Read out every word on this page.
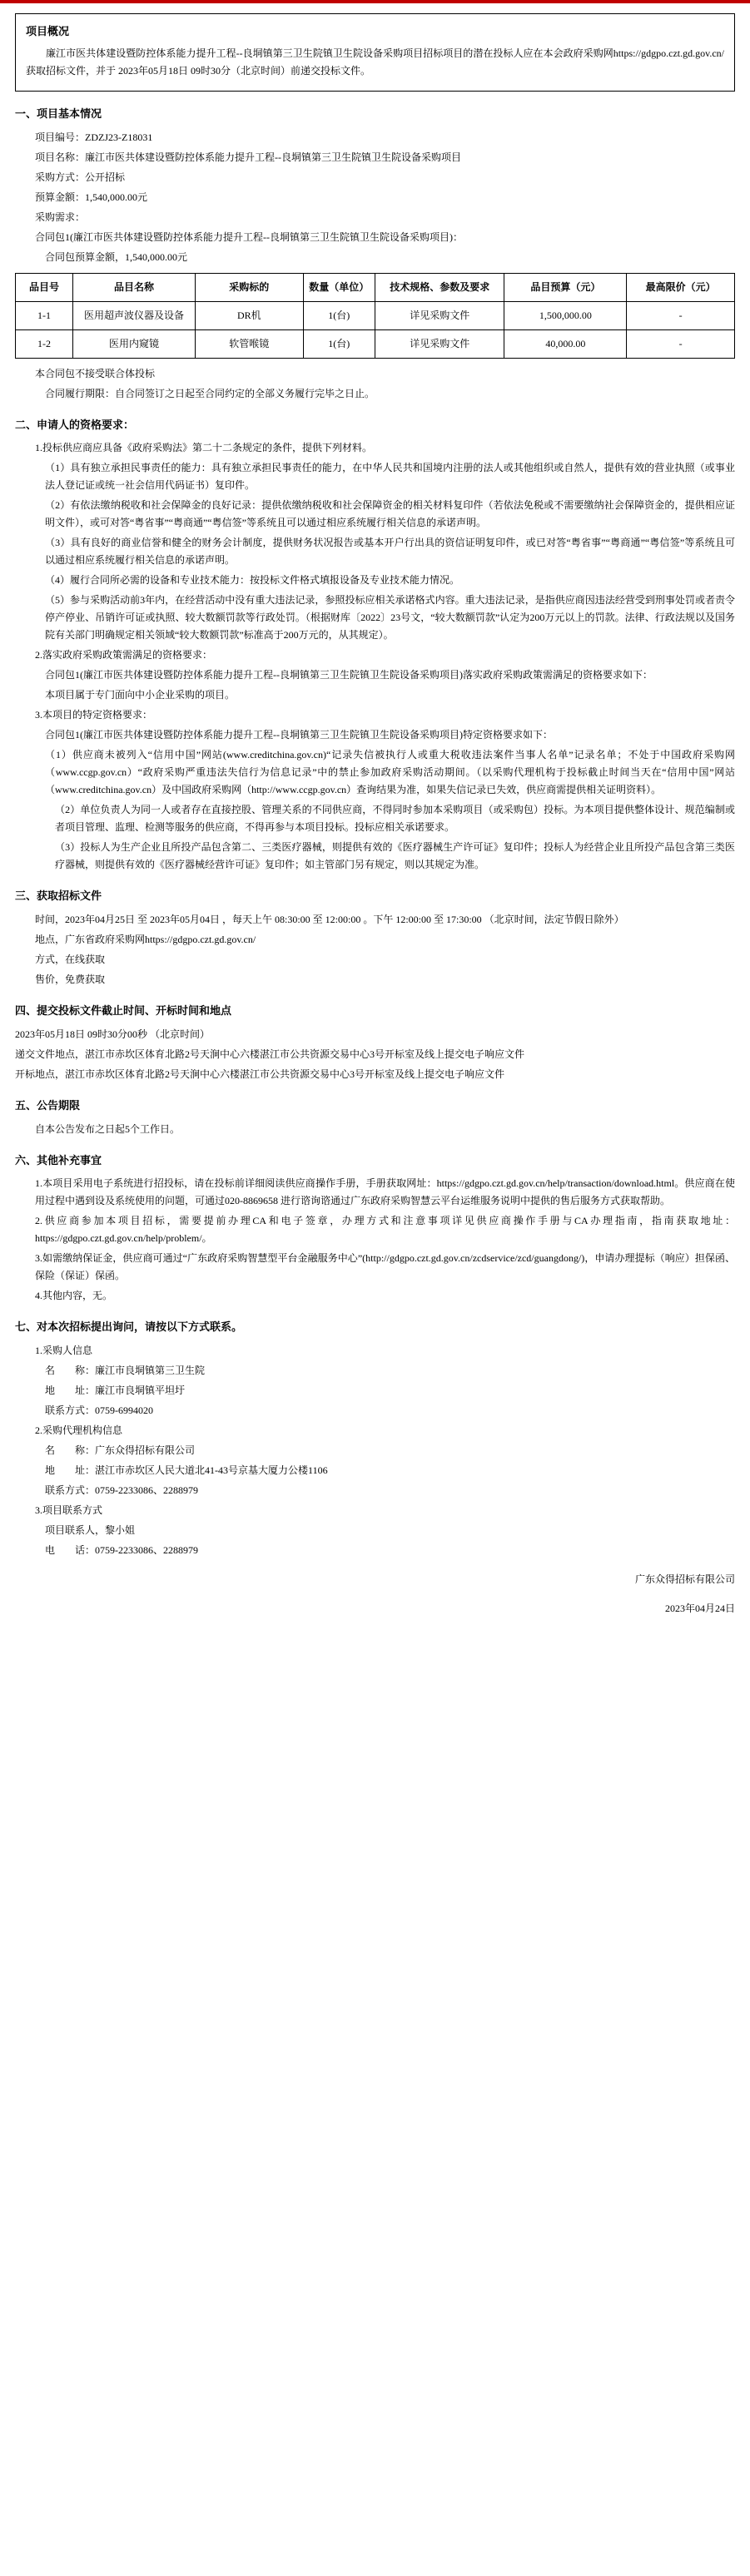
项目概况
廉江市医共体建设暨防控体系能力提升工程--良垌镇第三卫生院镇卫生院设备采购项目招标项目的潜在投标人应在本会政府采购网https://gdgpo.czt.gd.gov.cn/获取招标文件，并于 2023年05月18日 09时30分（北京时间）前递交投标文件。
一、项目基本情况
项目编号：ZDZJ23-Z18031
项目名称：廉江市医共体建设暨防控体系能力提升工程--良垌镇第三卫生院镇卫生院设备采购项目
采购方式：公开招标
预算金额：1,540,000.00元
采购需求：
合同包1(廉江市医共体建设暨防控体系能力提升工程--良垌镇第三卫生院镇卫生院设备采购项目)：
合同包预算金额，1,540,000.00元
品目号	品目名称	采购标的	数量（单位）	技术规格、参数及要求	品目预算（元）	最高限价（元）
1-1	医用超声波仪器及设备	DR机	1(台)	详见采购文件	1,500,000.00	-
1-2	医用内窥镜	软管喉镜	1(台)	详见采购文件	40,000.00	-
本合同包不接受联合体投标
合同履行期限：自合同签订之日起至合同约定的全部义务履行完毕之日止。
二、申请人的资格要求：
1.投标供应商应具备《政府采购法》第二十二条规定的条件，提供下列材料。
（1）具有独立承担民事责任的能力：具有独立承担民事责任的能力，在中华人民共和国境内注册的法人或其他组织或自然人，提供有效的营业执照（或事业法人登记证或统一社会信用代码证书）复印件。
（2）有依法缴纳税收和社会保障金的良好记录：提供依缴纳税收和社会保障资金的相关材料复印件（若依法免税或不需要缴纳社会保障资金的，提供相应证明文件），或可对答“粤省事”“粤商通”“粤信签”等系统且可以通过相应系统履行相关信息的承诺声明。
（3）具有良好的商业信誉和健全的财务会计制度，提供财务状况报告或基本开户行出具的资信证明复印件，或已对答“粤省事”“粤商通”“粤信签”等系统且可以通过相应系统履行相关信息的承诺声明。
（4）履行合同所必需的设备和专业技术能力：按投标文件格式填报设备及专业技术能力情况。
（5）参与采购活动前3年内，在经营活动中没有重大违法记录，参照投标应相关承诺格式内容。重大违法记录，是指供应商因违法经营受到刑事处罚或者责令停产停业、吊销许可证或执照、较大数额罚款等行政处罚。（根据财库〔2022〕23号文，“较大数额罚款”认定为200万元以上的罚款。法律、行政法规以及国务院有关部门明确规定相关领域“较大数额罚款”标准高于200万元的，从其规定）。
2.落实政府采购政策需满足的资格要求：
合同包1(廉江市医共体建设暨防控体系能力提升工程--良垌镇第三卫生院镇卫生院设备采购项目)落实政府采购政策需满足的资格要求如下：
本项目属于专门面向中小企业采购的项目。
3.本项目的特定资格要求：
合同包1(廉江市医共体建设暨防控体系能力提升工程--良垌镇第三卫生院镇卫生院设备采购项目)特定资格要求如下：
（1）供应商未被列入“信用中国”网站(www.creditchina.gov.cn)“记录失信被执行人或重大税收违法案件当事人名单”记录名单；不处于中国政府采购网（www.ccgp.gov.cn）“政府采购严重违法失信行为信息记录”中的禁止参加政府采购活动期间。（以采购代理机构于投标截止时间当天在“信用中国”网站（www.creditchina.gov.cn）及中国政府采购网（http://www.ccgp.gov.cn）查询结果为准，如果失信记录已失效，供应商需提供相关证明资料）。
（2）单位负责人为同一人或者存在直接控股、管理关系的不同供应商，不得同时参加本采购项目（或采购包）投标。为本项目提供整体设计、规范编制或者项目管理、监理、检测等服务的供应商，不得再参与本项目投标。投标应相关承诺要求。
（3）投标人为生产企业且所投产品包含第二、三类医疗器械，则提供有效的《医疗器械生产许可证》复印件；投标人为经营企业且所投产品包含第三类医疗器械，则提供有效的《医疗器械经营许可证》复印件；如主管部门另有规定，则以其规定为准。
三、获取招标文件
时间，2023年04月25日 至 2023年05月04日 ，每天上午 08:30:00 至 12:00:00 。下午 12:00:00 至 17:30:00 （北京时间，法定节假日除外）
地点，广东省政府采购网https://gdgpo.czt.gd.gov.cn/
方式，在线获取
售价，免费获取
四、提交投标文件截止时间、开标时间和地点
2023年05月18日 09时30分00秒 （北京时间）
递交文件地点，湛江市赤坎区体育北路2号天涧中心六楼湛江市公共资源交易中心3号开标室及线上提交电子响应文件
开标地点，湛江市赤坎区体育北路2号天涧中心六楼湛江市公共资源交易中心3号开标室及线上提交电子响应文件
五、公告期限
自本公告发布之日起5个工作日。
六、其他补充事宜
1.本项目采用电子系统进行招投标，请在投标前详细阅读供应商操作手册，手册获取网址：https://gdgpo.czt.gd.gov.cn/help/transaction/download.html。供应商在使用过程中遇到设及系统使用的问题，可通过020-8869658 进行谘询谘通过广东政府采购智慧云平台运维服务说明中提供的售后服务方式获取帮助。
2.供应商参加本项目招标，需要提前办理CA和电子签章，办理方式和注意事项详见供应商操作手册与CA办理指南，指南获取地址：https://gdgpo.czt.gd.gov.cn/help/problem/。
3.如需缴纳保证金，供应商可通过“广东政府采购智慧型平台金融服务中心”(http://gdgpo.czt.gd.gov.cn/zcdservice/zcd/guangdong/)，申请办理提标（响应）担保函、保险（保证）保函。
4.其他内容，无。
七、对本次招标提出询问，请按以下方式联系。
1.采购人信息
名　　称：廉江市良垌镇第三卫生院
地　　址：廉江市良垌镇平坦圩
联系方式：0759-6994020
2.采购代理机构信息
名　　称：广东众得招标有限公司
地　　址：湛江市赤坎区人民大道北41-43号京基大厦力公楼1106
联系方式：0759-2233086、2288979
3.项目联系方式
项目联系人，黎小姐
电　　话：0759-2233086、2288979
广东众得招标有限公司
2023年04月24日
